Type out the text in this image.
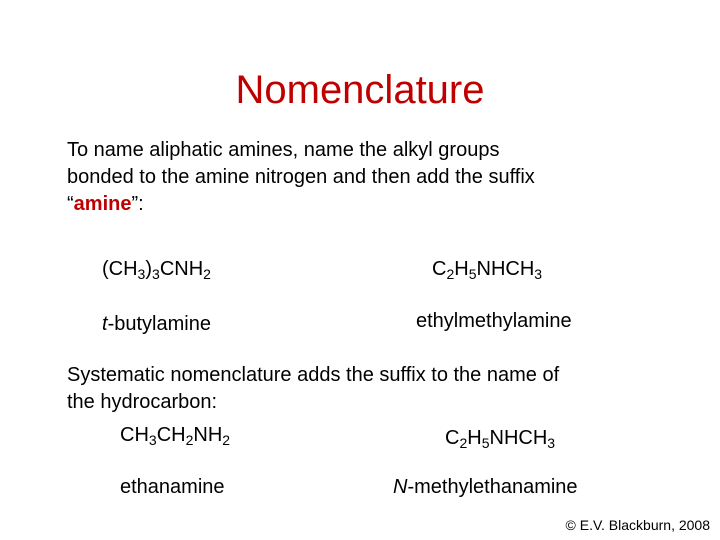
Nomenclature
To name aliphatic amines, name the alkyl groups
bonded to the amine nitrogen and then add the suffix
“amine”:
$(CH_3)_3CNH_2$
t-butylamine
$C_2H_5NHCH_3$
ethylmethylamine
Systematic nomenclature adds the suffix to the name of
the hydrocarbon:
$CH_3CH_2NH_2$
ethanamine
$C_2H_5NHCH_3$
N-methylethanamine
© E.V. Blackburn, 2008
